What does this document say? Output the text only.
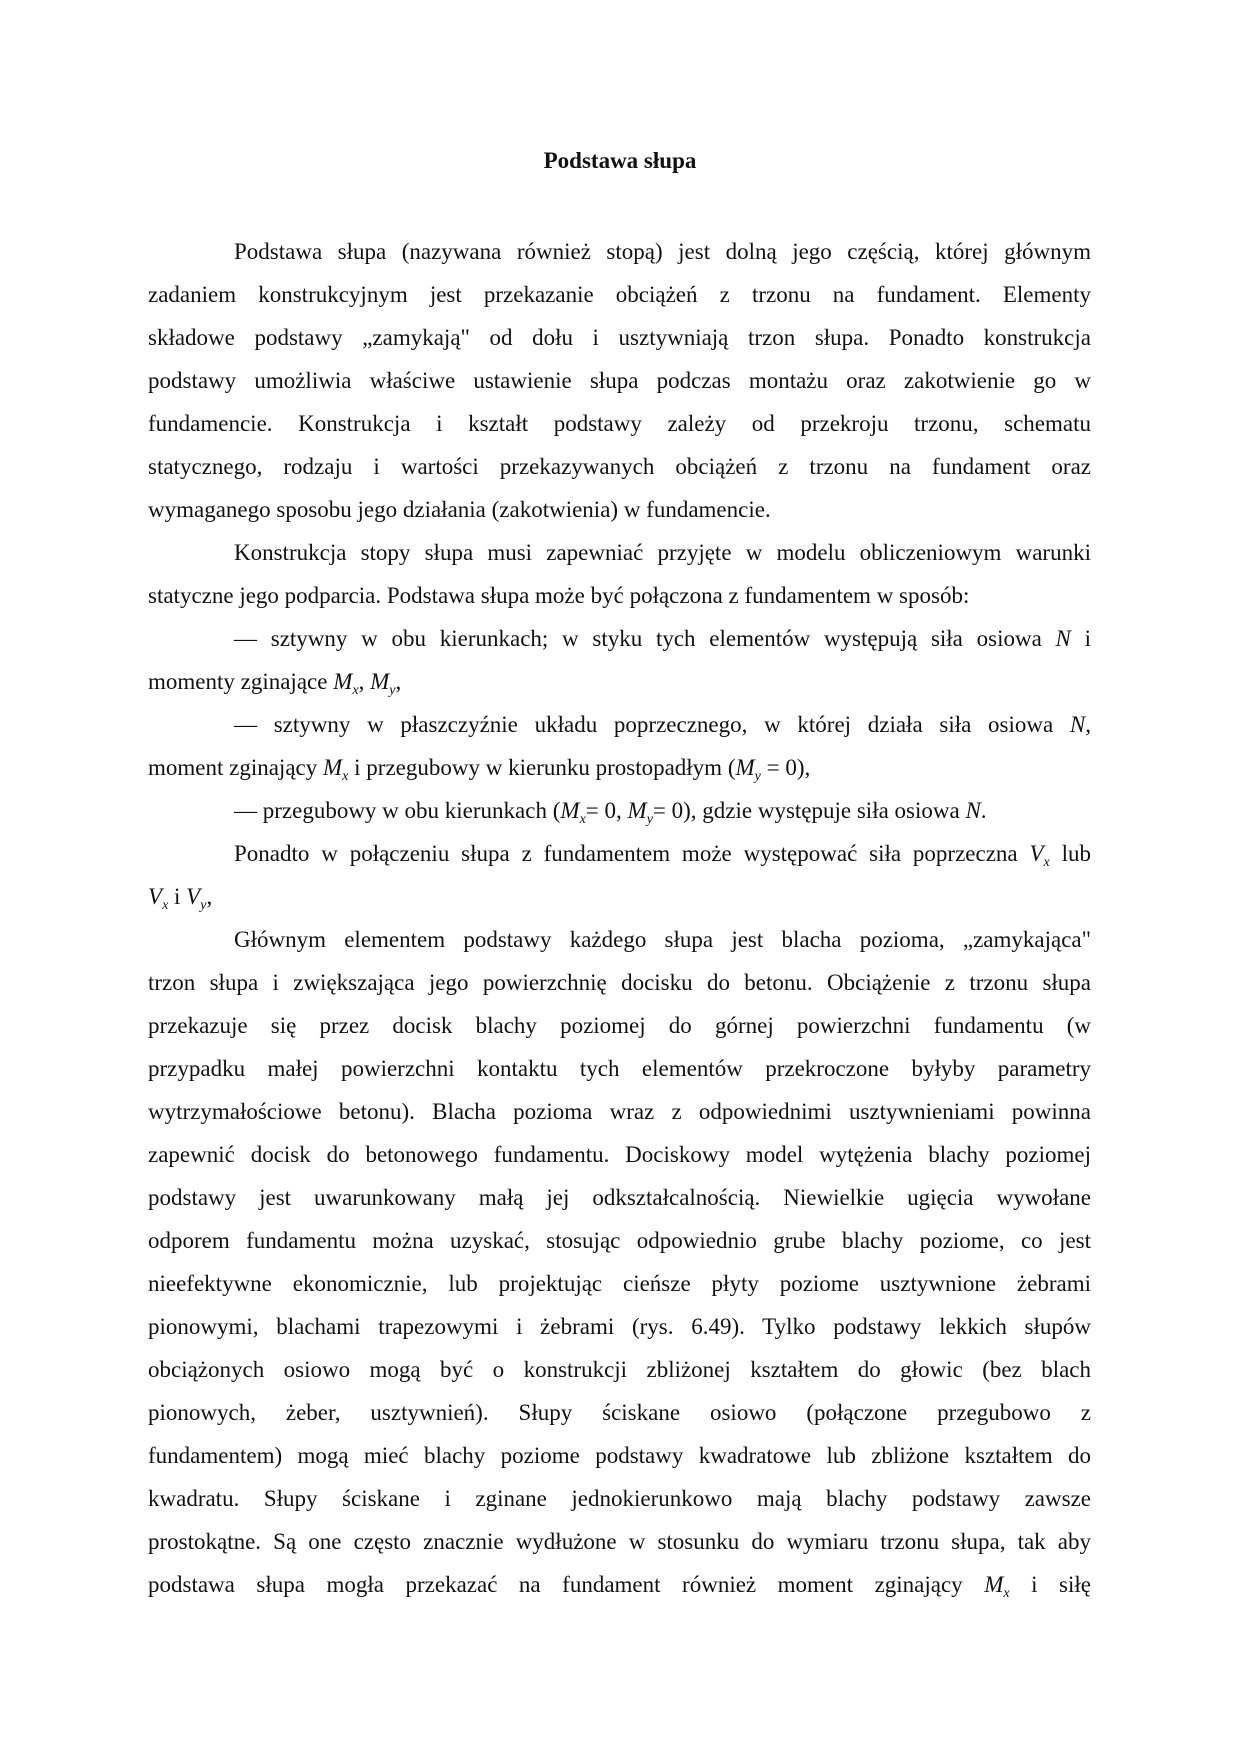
Podstawa słupa
Podstawa słupa (nazywana również stopą) jest dolną jego częścią, której głównym
zadaniem konstrukcyjnym jest przekazanie obciążeń z trzonu na fundament. Elementy
składowe podstawy „zamykają" od dołu i usztywniają trzon słupa. Ponadto konstrukcja
podstawy umożliwia właściwe ustawienie słupa podczas montażu oraz zakotwienie go w
fundamencie. Konstrukcja i kształt podstawy zależy od przekroju trzonu, schematu
statycznego, rodzaju i wartości przekazywanych obciążeń z trzonu na fundament oraz
wymaganego sposobu jego działania (zakotwienia) w fundamencie.
Konstrukcja stopy słupa musi zapewniać przyjęte w modelu obliczeniowym warunki
statyczne jego podparcia. Podstawa słupa może być połączona z fundamentem w sposób:
— sztywny w obu kierunkach; w styku tych elementów występują siła osiowa N i
momenty zginające $M_x$, $M_y$,
— sztywny w płaszczyźnie układu poprzecznego, w której działa siła osiowa N,
moment zginający $M_x$ i przegubowy w kierunku prostopadłym $(M_y = 0)$,
— przegubowy w obu kierunkach ($M_x= 0$, $M_y= 0$), gdzie występuje siła osiowa N.
Ponadto w połączeniu słupa z fundamentem może występować siła poprzeczna $V_x$ lub
$V_x$ i $V_y$,
Głównym elementem podstawy każdego słupa jest blacha pozioma, „zamykająca"
trzon słupa i zwiększająca jego powierzchnię docisku do betonu. Obciążenie z trzonu słupa
przekazuje się przez docisk blachy poziomej do górnej powierzchni fundamentu (w
przypadku małej powierzchni kontaktu tych elementów przekroczone byłyby parametry
wytrzymałościowe betonu). Blacha pozioma wraz z odpowiednimi usztywnieniami powinna
zapewnić docisk do betonowego fundamentu. Dociskowy model wytężenia blachy poziomej
podstawy jest uwarunkowany małą jej odkształcalnością. Niewielkie ugięcia wywołane
odporem fundamentu można uzyskać, stosując odpowiednio grube blachy poziome, co jest
nieefektywne ekonomicznie, lub projektując cieńsze płyty poziome usztywnione żebrami
pionowymi, blachami trapezowymi i żebrami (rys. 6.49). Tylko podstawy lekkich słupów
obciążonych osiowo mogą być o konstrukcji zbliżonej kształtem do głowic (bez blach
pionowych, żeber, usztywnień). Słupy ściskane osiowo (połączone przegubowo z
fundamentem) mogą mieć blachy poziome podstawy kwadratowe lub zbliżone kształtem do
kwadratu. Słupy ściskane i zginane jednokierunkowo mają blachy podstawy zawsze
prostokątne. Są one często znacznie wydłużone w stosunku do wymiaru trzonu słupa, tak aby
podstawa słupa mogła przekazać na fundament również moment zginający $M_x$ i siłę
